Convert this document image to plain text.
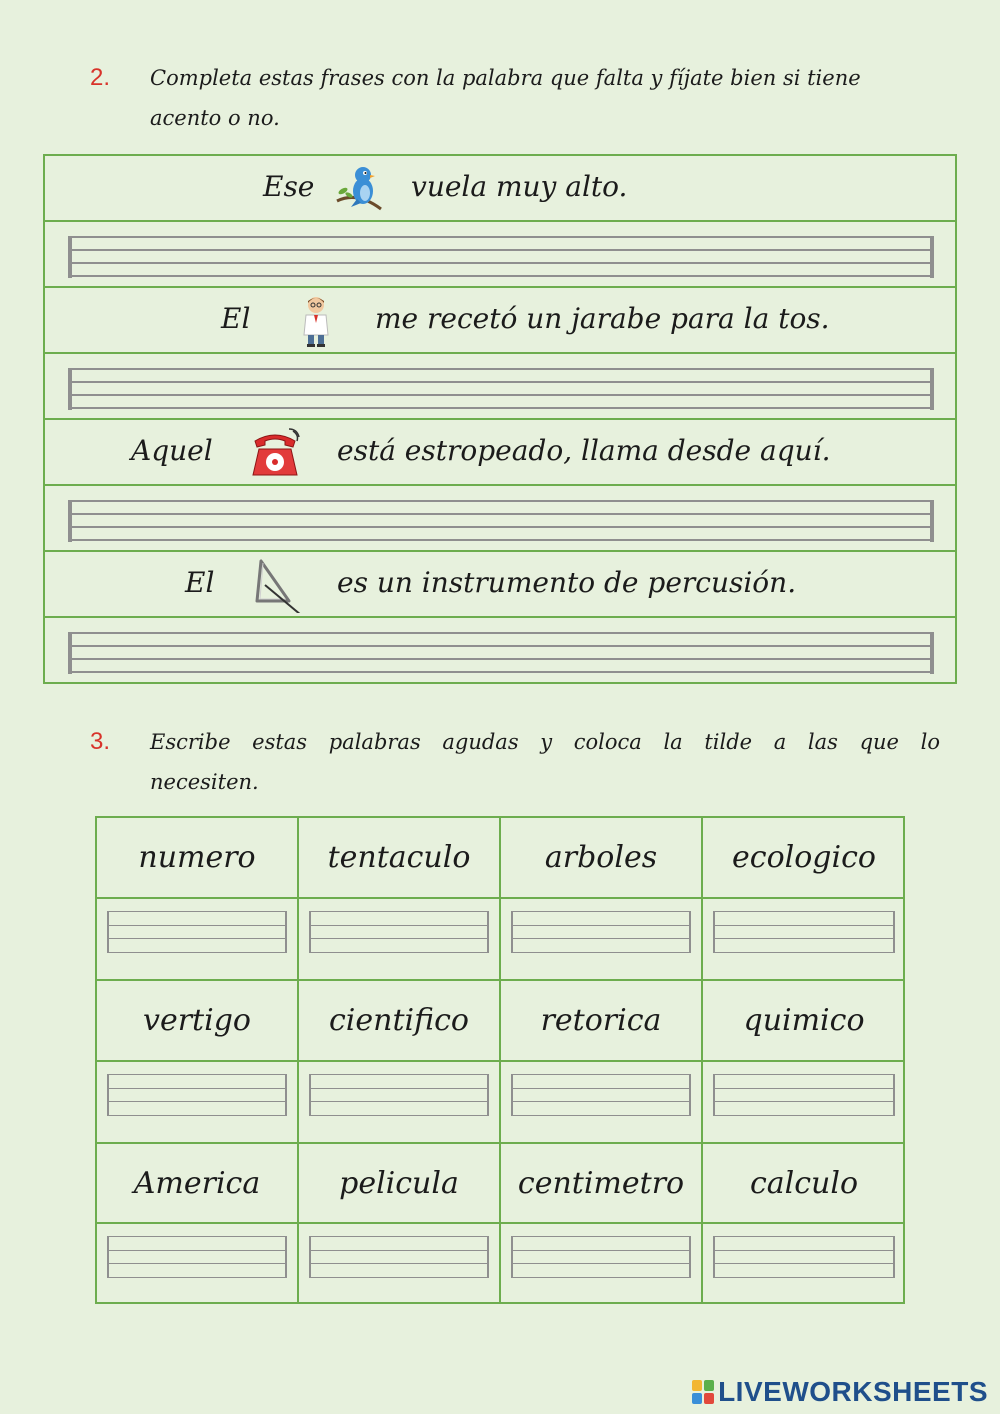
2. Completa estas frases con la palabra que falta y fíjate bien si tiene
acento o no.
Ese	vuela muy alto.
El	me recetó un jarabe para la tos.
Aquel	está estropeado, llama desde aquí.
El	es un instrumento de percusión.
3. Escribe estas palabras agudas y coloca la tilde a las que lo
necesiten.
numero	tentaculo	arboles	ecologico
vertigo	cientifico	retorica	quimico
America	pelicula	centimetro	calculo
LIVEWORKSHEETS
